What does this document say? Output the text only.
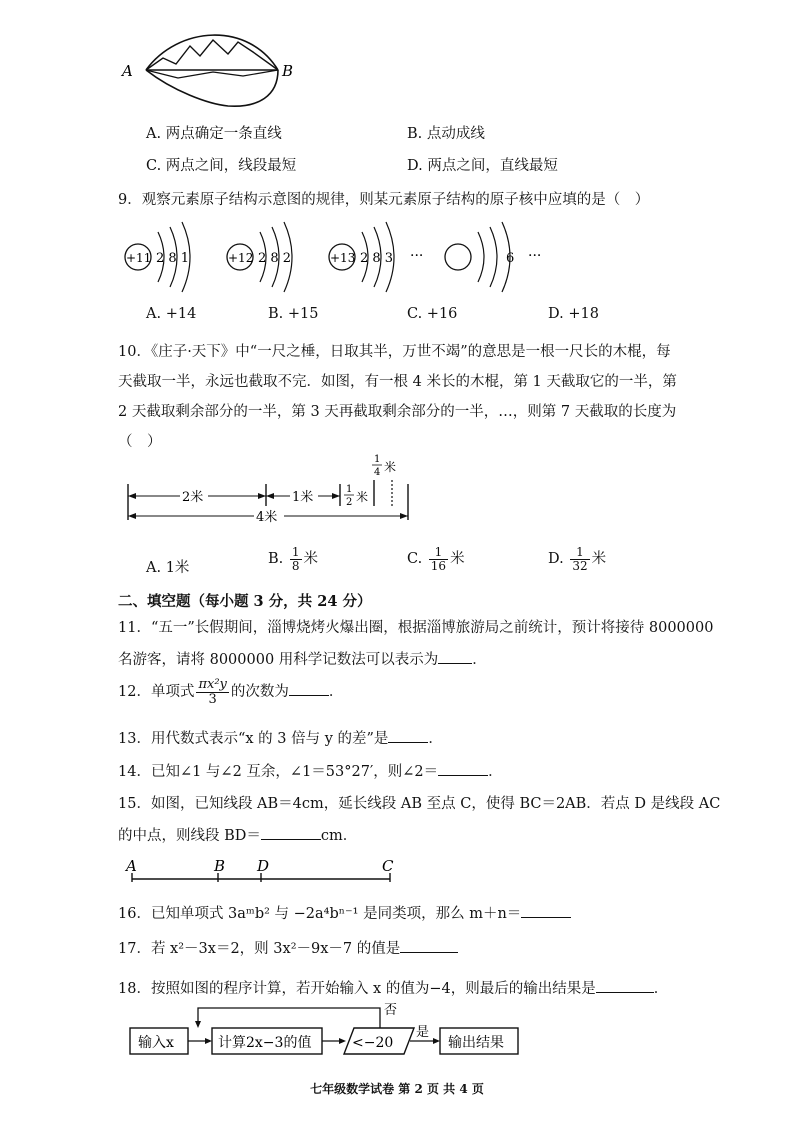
A	B
A. 两点确定一条直线	B. 点动成线
C. 两点之间，线段最短	D. 两点之间，直线最短
9．观察元素原子结构示意图的规律，则某元素原子结构的原子核中应填的是（　）
+11 2 8 1	+12 2 8 2	+13 2 8 3 ···	6 ···
A. +14	B. +15	C. +16	D. +18
10．《庄子·天下》中“一尺之棰，日取其半，万世不竭”的意思是一根一尺长的木棍，每
天截取一半，永远也截取不完．如图，有一根 4 米长的木棍，第 1 天截取它的一半，第
2 天截取剩余部分的一半，第 3 天再截取剩余部分的一半，…，则第 7 天截取的长度为
（　）
2米	1米
1
2 米
1
4 米
4米
A. 1米
B. $\frac{1}{8}$ 米	C. $\frac{1}{16}$ 米	D. $\frac{1}{32}$ 米
二、填空题（每小题 3 分，共 24 分）
11．“五一”长假期间，淄博烧烤火爆出圈，根据淄博旅游局之前统计，预计将接待 8000000
名游客，请将 8000000 用科学记数法可以表示为 ．
12．单项式 $\frac{\text{πx²y}}{3}$ 的次数为	．
13．用代数式表示“x 的 3 倍与 y 的差”是	．
14．已知∠1 与∠2 互余，∠1＝53°27′，则∠2＝	．
15．如图，已知线段 AB＝4cm，延长线段 AB 至点 C，使得 BC＝2AB．若点 D 是线段 AC
的中点，则线段 BD＝	cm．
A	B D	C
16．已知单项式 3aᵐb² 与 −2a⁴bⁿ⁻¹ 是同类项，那么 m＋n＝
17．若 x²－3x＝2，则 3x²－9x－7 的值是
18．按照如图的程序计算，若开始输入 x 的值为−4，则最后的输出结果是	．
输入x	计算2x−3的值	<−20
否
是
输出结果
七年级数学试卷 第 2 页 共 4 页
